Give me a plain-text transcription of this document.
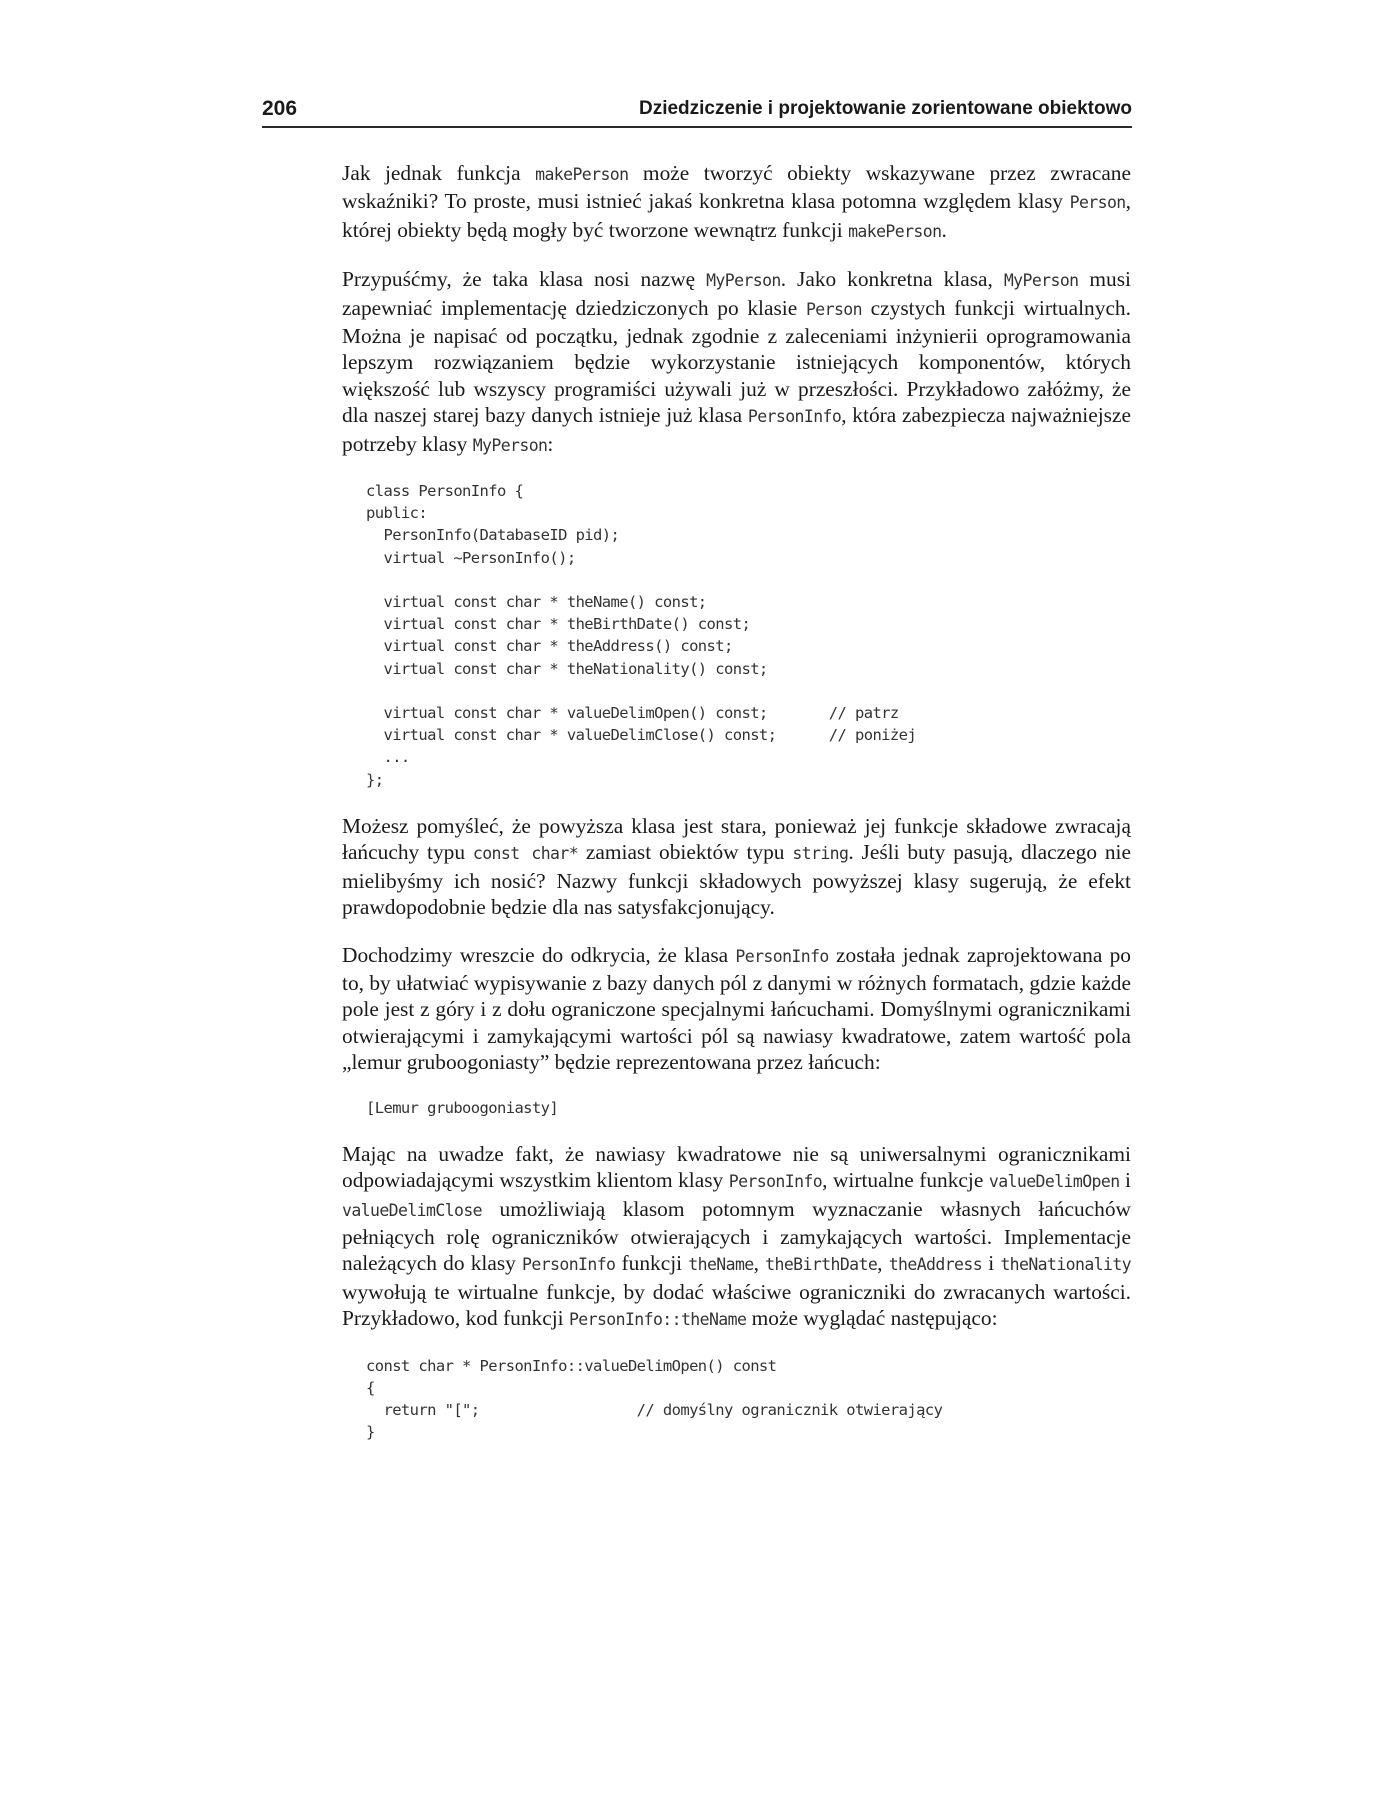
206	Dziedziczenie i projektowanie zorientowane obiektowo

Jak jednak funkcja makePerson może tworzyć obiekty wskazywane przez zwracane wskaźniki? To proste, musi istnieć jakaś konkretna klasa potomna względem klasy Person, której obiekty będą mogły być tworzone wewnątrz funkcji makePerson.

Przypuśćmy, że taka klasa nosi nazwę MyPerson. Jako konkretna klasa, MyPerson musi zapewniać implementację dziedziczonych po klasie Person czystych funkcji wirtualnych. Można je napisać od początku, jednak zgodnie z zaleceniami inżynierii oprogramowania lepszym rozwiązaniem będzie wykorzystanie istniejących komponentów, których większość lub wszyscy programiści używali już w przeszłości. Przykładowo załóżmy, że dla naszej starej bazy danych istnieje już klasa PersonInfo, która zabezpiecza najważniejsze potrzeby klasy MyPerson:

class PersonInfo {
public:
PersonInfo(DatabaseID pid);
virtual ~PersonInfo();
virtual const char * theName() const;
virtual const char * theBirthDate() const;
virtual const char * theAddress() const;
virtual const char * theNationality() const;
virtual const char * valueDelimOpen() const;       // patrz
virtual const char * valueDelimClose() const;      // poniżej
...
};

Możesz pomyśleć, że powyższa klasa jest stara, ponieważ jej funkcje składowe zwracają łańcuchy typu const char* zamiast obiektów typu string. Jeśli buty pasują, dlaczego nie mielibyśmy ich nosić? Nazwy funkcji składowych powyższej klasy sugerują, że efekt prawdopodobnie będzie dla nas satysfakcjonujący.

Dochodzimy wreszcie do odkrycia, że klasa PersonInfo została jednak zaprojektowana po to, by ułatwiać wypisywanie z bazy danych pól z danymi w różnych formatach, gdzie każde pole jest z góry i z dołu ograniczone specjalnymi łańcuchami. Domyślnymi ogranicznikami otwierającymi i zamykającymi wartości pól są nawiasy kwadratowe, zatem wartość pola „lemur gruboogoniasty” będzie reprezentowana przez łańcuch:

[Lemur gruboogoniasty]

Mając na uwadze fakt, że nawiasy kwadratowe nie są uniwersalnymi ogranicznikami odpowiadającymi wszystkim klientom klasy PersonInfo, wirtualne funkcje valueDelimOpen i valueDelimClose umożliwiają klasom potomnym wyznaczanie własnych łańcuchów pełniących rolę ograniczników otwierających i zamykających wartości. Implementacje należących do klasy PersonInfo funkcji theName, theBirthDate, theAddress i theNationality wywołują te wirtualne funkcje, by dodać właściwe ograniczniki do zwracanych wartości. Przykładowo, kod funkcji PersonInfo::theName może wyglądać następująco:

const char * PersonInfo::valueDelimOpen() const
{
return "[";                  // domyślny ogranicznik otwierający
}
